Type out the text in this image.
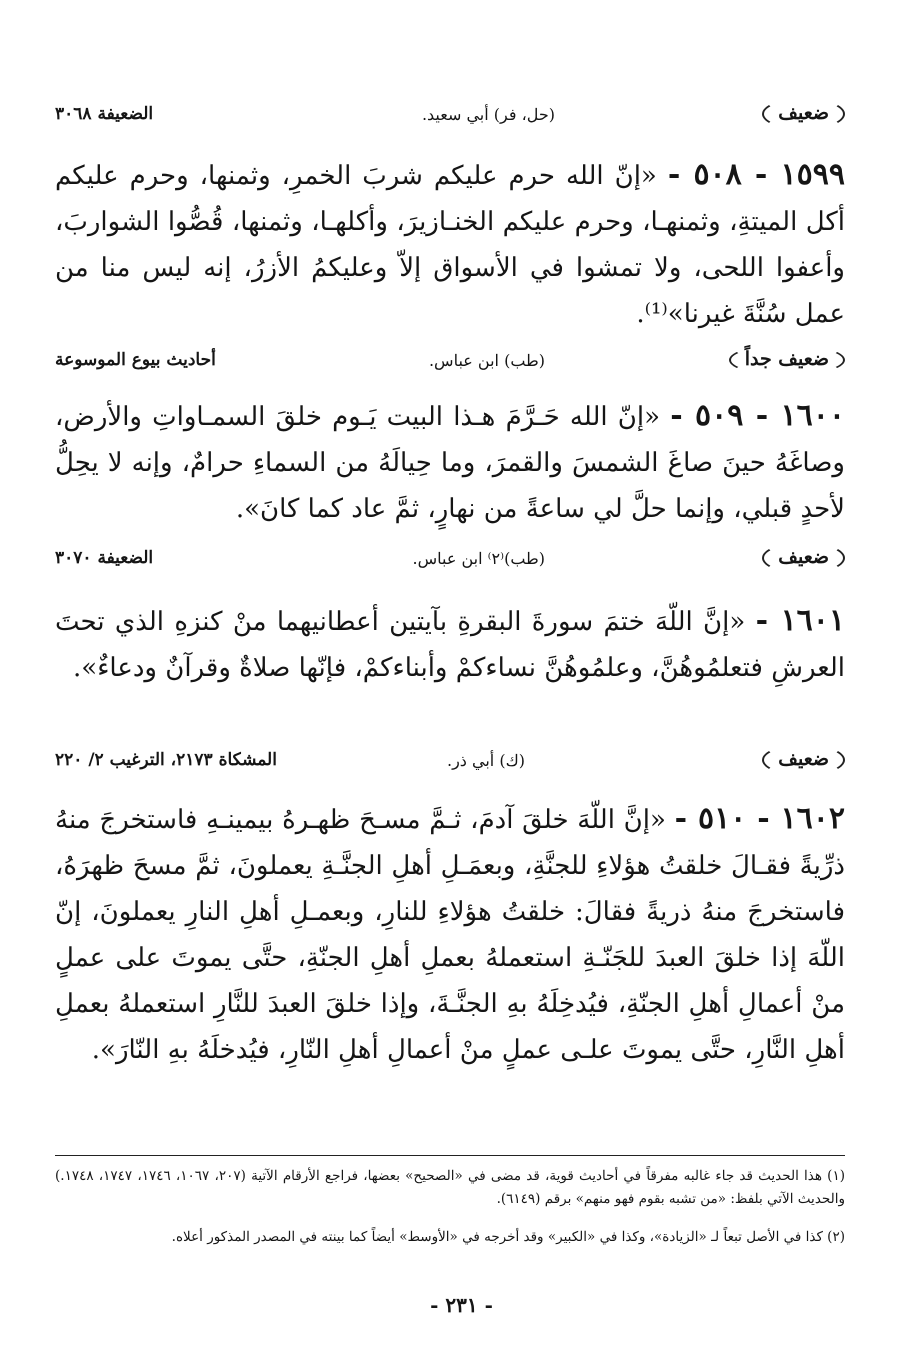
ضعيف
(حل، فر) أبي سعيد.
الضعيفة ٣٠٦٨
١٥٩٩ - ٥٠٨ - «إنّ الله حرم عليكم شربَ الخمرِ، وثمنها، وحرم عليكم أكل الميتةِ، وثمنهـا، وحرم عليكم الخنـازيرَ، وأكلهـا، وثمنها، قُصُّوا الشواربَ، وأعفوا اللحى، ولا تمشوا في الأسواق إلاّ وعليكمُ الأزرُ، إنه ليس منا من عمل سُنَّةَ غيرنا»⁽¹⁾.
ضعيف جداً
(طب) ابن عباس.
أحاديث بيوع الموسوعة
١٦٠٠ - ٥٠٩ - «إنّ الله حَـرَّمَ هـذا البيت يَـوم خلقَ السمـاواتِ والأرض، وصاغَهُ حينَ صاغَ الشمسَ والقمرَ، وما حِيالَهُ من السماءِ حرامٌ، وإنه لا يحِلُّ لأحدٍ قبلي، وإنما حلَّ لي ساعةً من نهارٍ، ثمَّ عاد كما كانَ».
ضعيف
(طب)⁽٢⁾ ابن عباس.
الضعيفة ٣٠٧٠
١٦٠١ - «إنَّ اللّهَ ختمَ سورةَ البقرةِ بآيتين أعطانيهما منْ كنزهِ الذي تحتَ العرشِ فتعلمُوهُنَّ، وعلمُوهُنَّ نساءكمْ وأبناءكمْ، فإنّها صلاةٌ وقرآنٌ ودعاءٌ».
ضعيف
(ك) أبي ذر.
المشكاة ٢١٧٣، الترغيب ٢/ ٢٢٠
١٦٠٢ - ٥١٠ - «إنَّ اللّهَ خلقَ آدمَ، ثـمَّ مسـحَ ظهـرهُ بيمينـهِ فاستخرجَ منهُ ذرِّيةً فقـالَ خلقتُ هؤلاءِ للجنَّةِ، وبعمَـلِ أهلِ الجنَّـةِ يعملونَ، ثمَّ مسحَ ظهرَهُ، فاستخرجَ منهُ ذريةً فقالَ: خلقتُ هؤلاءِ للنارِ، وبعمـلِ أهلِ النارِ يعملونَ، إنّ اللّهَ إذا خلقَ العبدَ للجَنّـةِ استعملهُ بعملِ أهلِ الجنّةِ، حتَّى يموتَ على عملٍ منْ أعمالِ أهلِ الجنّةِ، فيُدخِلَهُ بهِ الجنَّـةَ، وإذا خلقَ العبدَ للنَّارِ استعملهُ بعملِ أهلِ النَّارِ، حتَّى يموتَ علـى عملٍ منْ أعمالِ أهلِ النّارِ، فيُدخلَهُ بهِ النّارَ».
(١) هذا الحديث قد جاء غالبه مفرقاً في أحاديث قوية، قد مضى في «الصحيح» بعضها، فراجع الأرقام الآتية (٢٠٧، ١٠٦٧، ١٧٤٦، ١٧٤٧، ١٧٤٨.) والحديث الآتي بلفظ: «من تشبه بقوم فهو منهم» برقم (٦١٤٩).
(٢) كذا في الأصل تبعاً لـ «الزيادة»، وكذا في «الكبير» وقد أخرجه في «الأوسط» أيضاً كما بينته في المصدر المذكور أعلاه.
- ٢٣١ -
